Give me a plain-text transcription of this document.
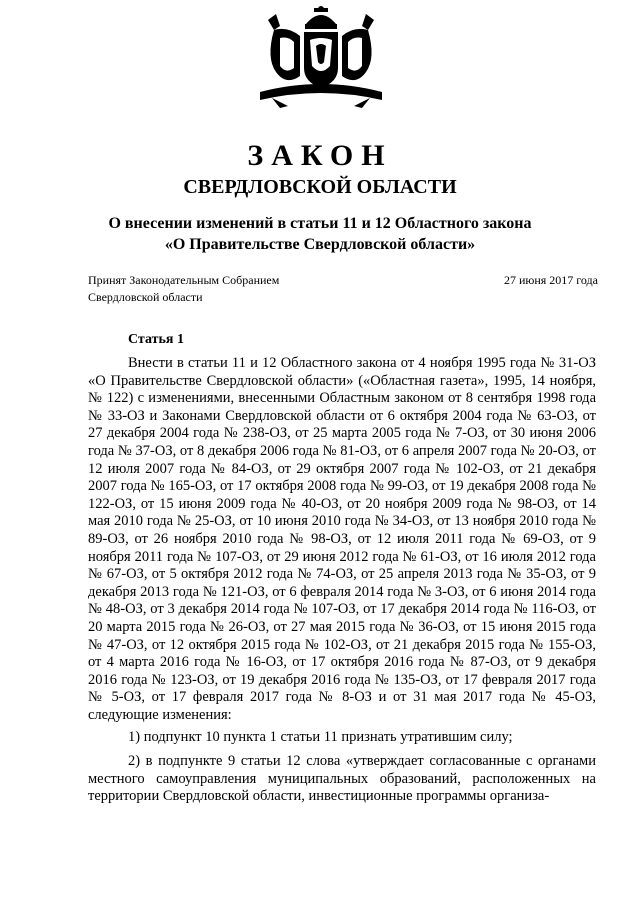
ЗАКОН
СВЕРДЛОВСКОЙ ОБЛАСТИ
О внесении изменений в статьи 11 и 12 Областного закона
«О Правительстве Свердловской области»
Принят Законодательным Собранием
Свердловской области
27 июня 2017 года
Статья 1

Внести в статьи 11 и 12 Областного закона от 4 ноября 1995 года № 31-ОЗ «О Правительстве Свердловской области» («Областная газета», 1995, 14 ноября, № 122) с изменениями, внесенными Областным законом от 8 сентября 1998 года № 33-ОЗ и Законами Свердловской области от 6 октября 2004 года № 63-ОЗ, от 27 декабря 2004 года № 238-ОЗ, от 25 марта 2005 года № 7-ОЗ, от 30 июня 2006 года № 37-ОЗ, от 8 декабря 2006 года № 81-ОЗ, от 6 апреля 2007 года № 20-ОЗ, от 12 июля 2007 года № 84-ОЗ, от 29 октября 2007 года № 102-ОЗ, от 21 декабря 2007 года № 165-ОЗ, от 17 октября 2008 года № 99-ОЗ, от 19 декабря 2008 года № 122-ОЗ, от 15 июня 2009 года № 40-ОЗ, от 20 ноября 2009 года № 98-ОЗ, от 14 мая 2010 года № 25-ОЗ, от 10 июня 2010 года № 34-ОЗ, от 13 ноября 2010 года № 89-ОЗ, от 26 ноября 2010 года № 98-ОЗ, от 12 июля 2011 года № 69-ОЗ, от 9 ноября 2011 года № 107-ОЗ, от 29 июня 2012 года № 61-ОЗ, от 16 июля 2012 года № 67-ОЗ, от 5 октября 2012 года № 74-ОЗ, от 25 апреля 2013 года № 35-ОЗ, от 9 декабря 2013 года № 121-ОЗ, от 6 февраля 2014 года № 3-ОЗ, от 6 июня 2014 года № 48-ОЗ, от 3 декабря 2014 года № 107-ОЗ, от 17 декабря 2014 года № 116-ОЗ, от 20 марта 2015 года № 26-ОЗ, от 27 мая 2015 года № 36-ОЗ, от 15 июня 2015 года № 47-ОЗ, от 12 октября 2015 года № 102-ОЗ, от 21 декабря 2015 года № 155-ОЗ, от 4 марта 2016 года № 16-ОЗ, от 17 октября 2016 года № 87-ОЗ, от 9 декабря 2016 года № 123-ОЗ, от 19 декабря 2016 года № 135-ОЗ, от 17 февраля 2017 года № 5-ОЗ, от 17 февраля 2017 года № 8-ОЗ и от 31 мая 2017 года № 45-ОЗ, следующие изменения:

1) подпункт 10 пункта 1 статьи 11 признать утратившим силу;

2) в подпункте 9 статьи 12 слова «утверждает согласованные с органами местного самоуправления муниципальных образований, расположенных на территории Свердловской области, инвестиционные программы организа-
